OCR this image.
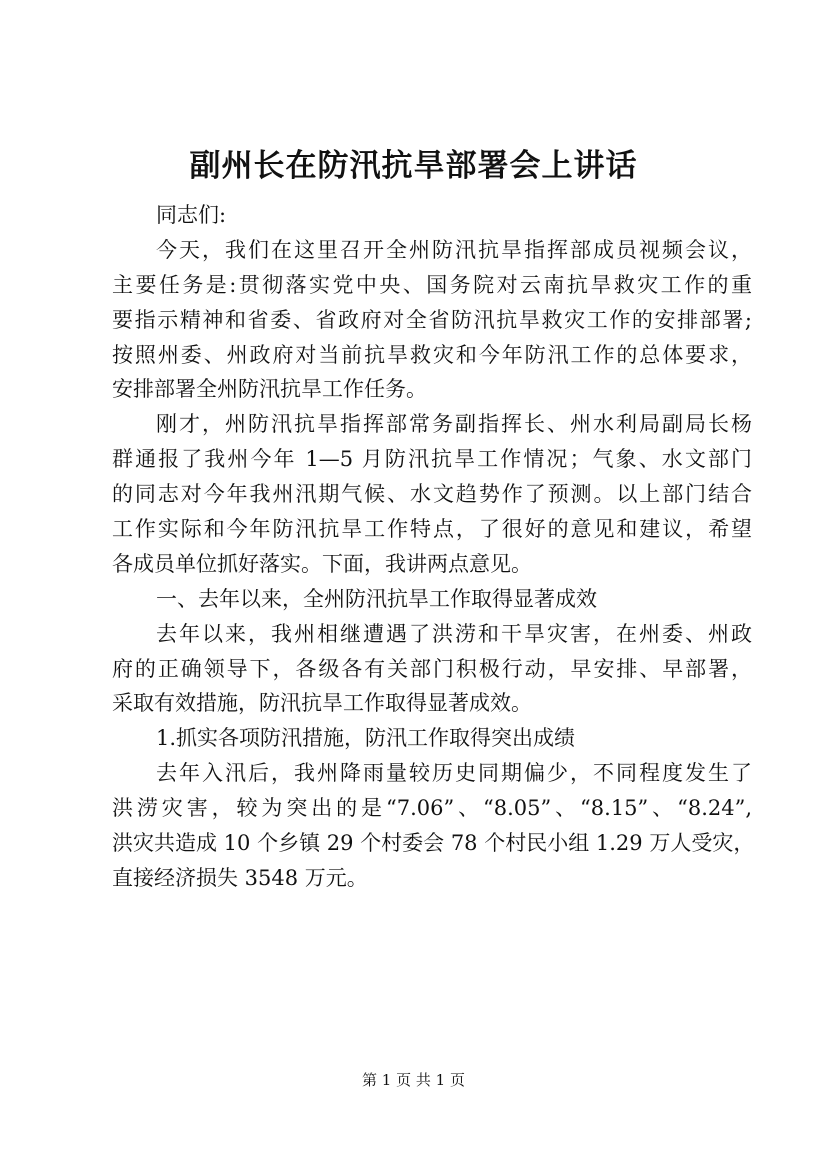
副州长在防汛抗旱部署会上讲话
同志们:
今天，我们在这里召开全州防汛抗旱指挥部成员视频会议，
主要任务是:贯彻落实党中央、国务院对云南抗旱救灾工作的重
要指示精神和省委、省政府对全省防汛抗旱救灾工作的安排部署;
按照州委、州政府对当前抗旱救灾和今年防汛工作的总体要求，
安排部署全州防汛抗旱工作任务。
刚才，州防汛抗旱指挥部常务副指挥长、州水利局副局长杨
群通报了我州今年 1—5 月防汛抗旱工作情况；气象、水文部门
的同志对今年我州汛期气候、水文趋势作了预测。以上部门结合
工作实际和今年防汛抗旱工作特点，了很好的意见和建议，希望
各成员单位抓好落实。下面，我讲两点意见。
一、去年以来，全州防汛抗旱工作取得显著成效
去年以来，我州相继遭遇了洪涝和干旱灾害，在州委、州政
府的正确领导下，各级各有关部门积极行动，早安排、早部署，
采取有效措施，防汛抗旱工作取得显著成效。
1.抓实各项防汛措施，防汛工作取得突出成绩
去年入汛后，我州降雨量较历史同期偏少，不同程度发生了
洪涝灾害，较为突出的是“7.06”、“8.05”、“8.15”、“8.24”,
洪灾共造成 10 个乡镇 29 个村委会 78 个村民小组 1.29 万人受灾，
直接经济损失 3548 万元。
第 1 页 共 1 页
